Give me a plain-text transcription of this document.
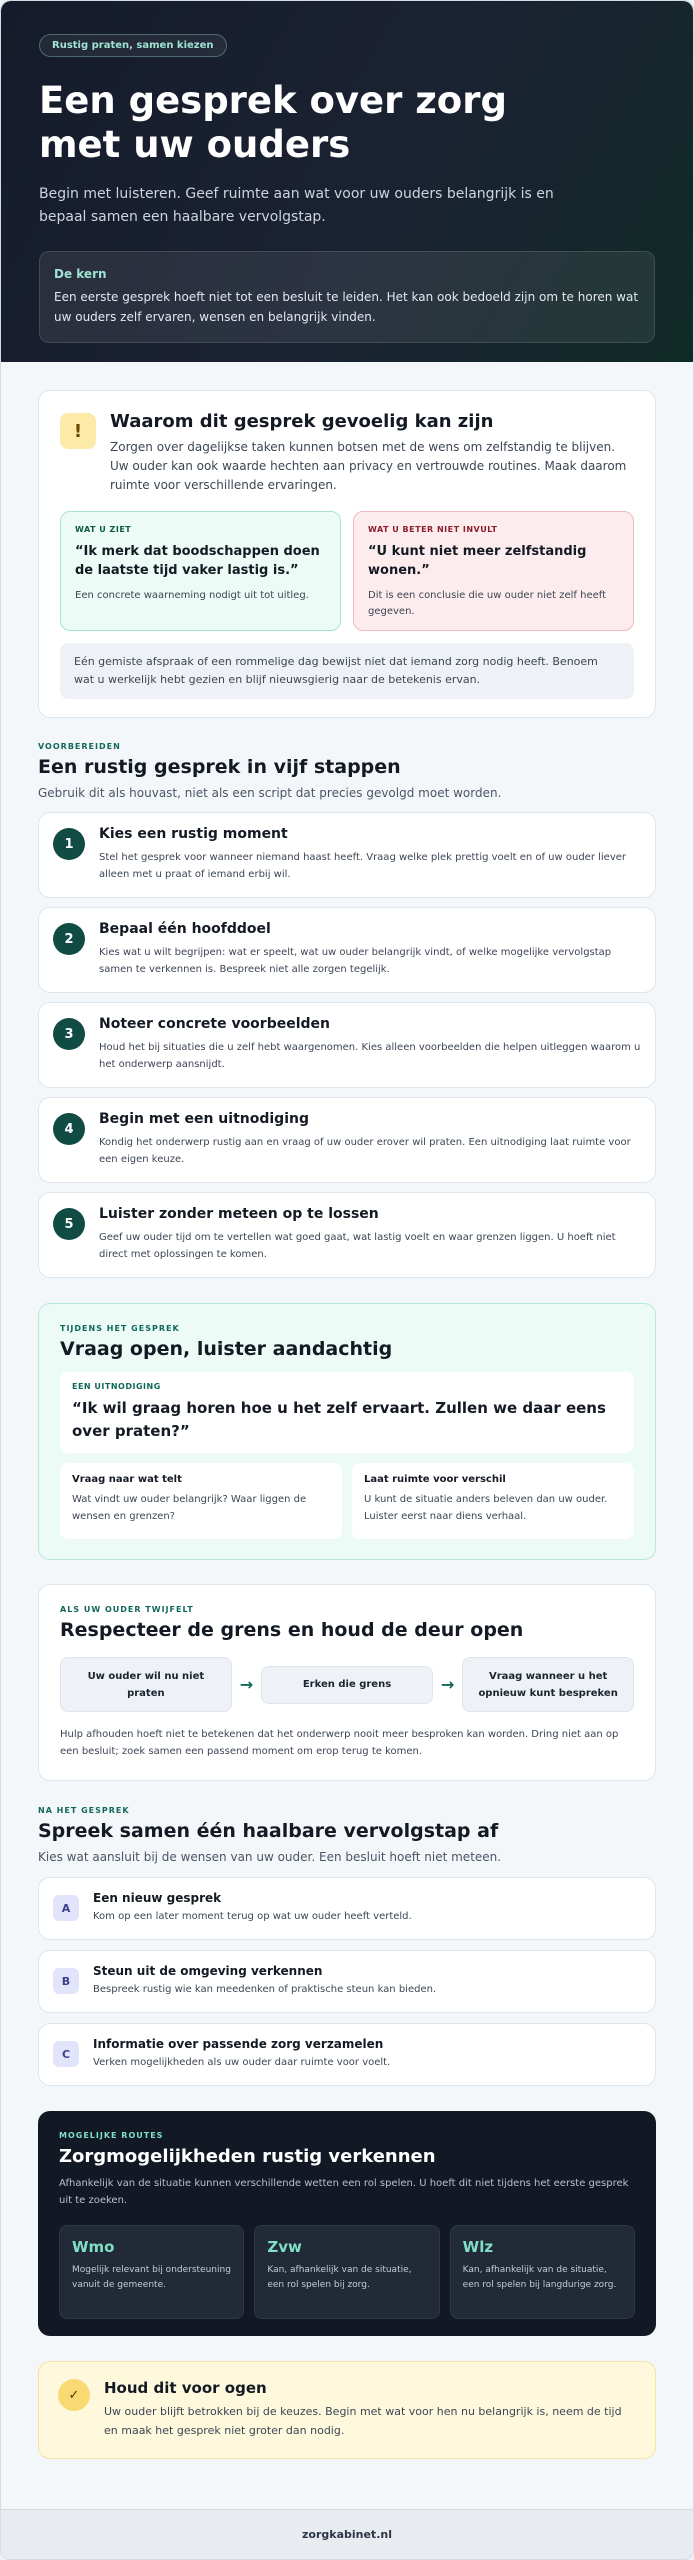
Rustig praten, samen kiezen
Een gesprek over zorg met uw ouders

Begin met luisteren. Geef ruimte aan wat voor uw ouders belangrijk is en bepaal samen een haalbare vervolgstap.

De kern
Een eerste gesprek hoeft niet tot een besluit te leiden. Het kan ook bedoeld zijn om te horen wat uw ouders zelf ervaren, wensen en belangrijk vinden.
!	Waarom dit gesprek gevoelig kan zijn

Zorgen over dagelijkse taken kunnen botsen met de wens om zelfstandig te blijven. Uw ouder kan ook waarde hechten aan privacy en vertrouwde routines. Maak daarom ruimte voor verschillende ervaringen.

WAT U ZIET
“Ik merk dat boodschappen doen de laatste tijd vaker lastig is.”
Een concrete waarneming nodigt uit tot uitleg.
WAT U BETER NIET INVULT
“U kunt niet meer zelfstandig wonen.”
Dit is een conclusie die uw ouder niet zelf heeft gegeven.
Eén gemiste afspraak of een rommelige dag bewijst niet dat iemand zorg nodig heeft. Benoem wat u werkelijk hebt gezien en blijf nieuwsgierig naar de betekenis ervan.
VOORBEREIDEN
Een rustig gesprek in vijf stappen

Gebruik dit als houvast, niet als een script dat precies gevolgd moet worden.

1
Kies een rustig moment
Stel het gesprek voor wanneer niemand haast heeft. Vraag welke plek prettig voelt en of uw ouder liever alleen met u praat of iemand erbij wil.
2
Bepaal één hoofddoel
Kies wat u wilt begrijpen: wat er speelt, wat uw ouder belangrijk vindt, of welke mogelijke vervolgstap samen te verkennen is. Bespreek niet alle zorgen tegelijk.
3
Noteer concrete voorbeelden
Houd het bij situaties die u zelf hebt waargenomen. Kies alleen voorbeelden die helpen uitleggen waarom u het onderwerp aansnijdt.
4
Begin met een uitnodiging
Kondig het onderwerp rustig aan en vraag of uw ouder erover wil praten. Een uitnodiging laat ruimte voor een eigen keuze.
5
Luister zonder meteen op te lossen
Geef uw ouder tijd om te vertellen wat goed gaat, wat lastig voelt en waar grenzen liggen. U hoeft niet direct met oplossingen te komen.
TIJDENS HET GESPREK
Vraag open, luister aandachtig
EEN UITNODIGING
“Ik wil graag horen hoe u het zelf ervaart. Zullen we daar eens over praten?”
Vraag naar wat telt
Wat vindt uw ouder belangrijk? Waar liggen de wensen en grenzen?
Laat ruimte voor verschil
U kunt de situatie anders beleven dan uw ouder. Luister eerst naar diens verhaal.
ALS UW OUDER TWIJFELT
Respecteer de grens en houd de deur open
Uw ouder wil nu niet praten	→	Erken die grens	→	Vraag wanneer u het opnieuw kunt bespreken

Hulp afhouden hoeft niet te betekenen dat het onderwerp nooit meer besproken kan worden. Dring niet aan op een besluit; zoek samen een passend moment om erop terug te komen.

NA HET GESPREK
Spreek samen één haalbare vervolgstap af

Kies wat aansluit bij de wensen van uw ouder. Een besluit hoeft niet meteen.

A
Een nieuw gesprek
Kom op een later moment terug op wat uw ouder heeft verteld.
B
Steun uit de omgeving verkennen
Bespreek rustig wie kan meedenken of praktische steun kan bieden.
C
Informatie over passende zorg verzamelen
Verken mogelijkheden als uw ouder daar ruimte voor voelt.
MOGELIJKE ROUTES
Zorgmogelijkheden rustig verkennen

Afhankelijk van de situatie kunnen verschillende wetten een rol spelen. U hoeft dit niet tijdens het eerste gesprek uit te zoeken.

Wmo
Mogelijk relevant bij ondersteuning vanuit de gemeente.
Zvw
Kan, afhankelijk van de situatie, een rol spelen bij zorg.
Wlz
Kan, afhankelijk van de situatie, een rol spelen bij langdurige zorg.
✓	Houd dit voor ogen
Uw ouder blijft betrokken bij de keuzes. Begin met wat voor hen nu belangrijk is, neem de tijd en maak het gesprek niet groter dan nodig.
zorgkabinet.nl
